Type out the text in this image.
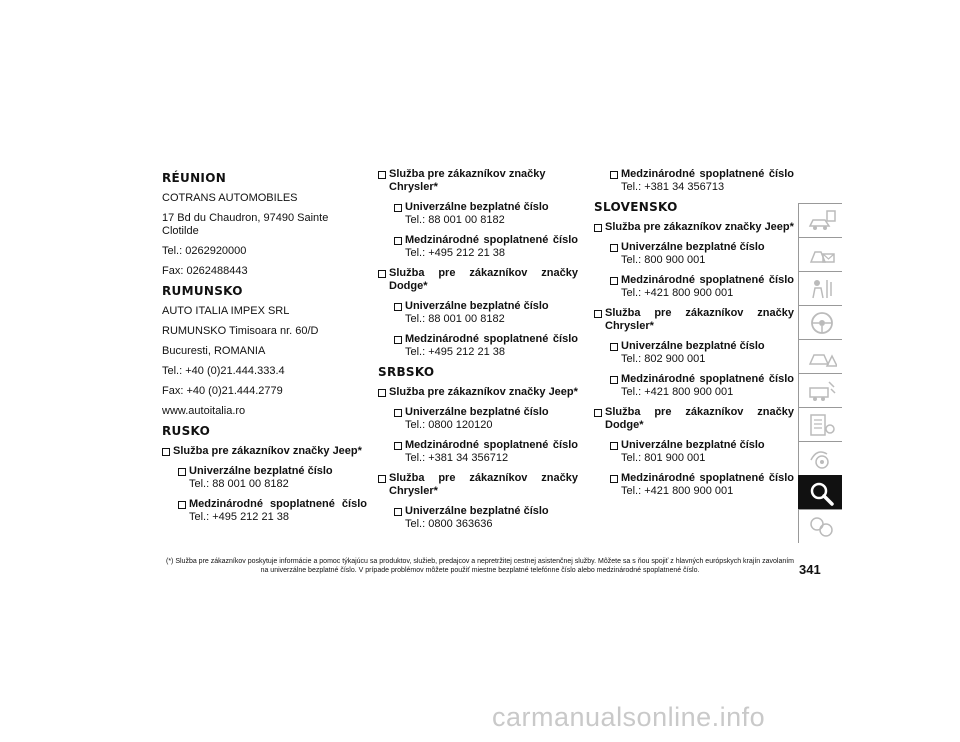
RÉUNION
COTRANS AUTOMOBILES
17 Bd du Chaudron, 97490 Sainte Clotilde
Tel.: 0262920000
Fax: 0262488443
RUMUNSKO
AUTO ITALIA IMPEX SRL
RUMUNSKO Timisoara nr. 60/D
Bucuresti, ROMANIA
Tel.: +40 (0)21.444.333.4
Fax: +40 (0)21.444.2779
www.autoitalia.ro
RUSKO
Služba pre zákazníkov značky Jeep*
Univerzálne bezplatné číslo
Tel.: 88 001 00 8182
Medzinárodné spoplatnené číslo
Tel.: +495 212 21 38
Služba pre zákazníkov značky Chrysler*
Univerzálne bezplatné číslo
Tel.: 88 001 00 8182
Medzinárodné spoplatnené číslo
Tel.: +495 212 21 38
Služba pre zákazníkov značky Dodge*
Univerzálne bezplatné číslo
Tel.: 88 001 00 8182
Medzinárodné spoplatnené číslo
Tel.: +495 212 21 38
SRBSKO
Služba pre zákazníkov značky Jeep*
Univerzálne bezplatné číslo
Tel.: 0800 120120
Medzinárodné spoplatnené číslo
Tel.: +381 34 356712
Služba pre zákazníkov značky Chrysler*
Univerzálne bezplatné číslo
Tel.: 0800 363636
Medzinárodné spoplatnené číslo
Tel.: +381 34 356713
SLOVENSKO
Služba pre zákazníkov značky Jeep*
Univerzálne bezplatné číslo
Tel.: 800 900 001
Medzinárodné spoplatnené číslo
Tel.: +421 800 900 001
Služba pre zákazníkov značky Chrysler*
Univerzálne bezplatné číslo
Tel.: 802 900 001
Medzinárodné spoplatnené číslo
Tel.: +421 800 900 001
Služba pre zákazníkov značky Dodge*
Univerzálne bezplatné číslo
Tel.: 801 900 001
Medzinárodné spoplatnené číslo
Tel.: +421 800 900 001
(*) Služba pre zákazníkov poskytuje informácie a pomoc týkajúcu sa produktov, služieb, predajcov a nepretržitej cestnej asistenčnej služby. Môžete sa s ňou spojiť z hlavných európskych krajín zavolaním na univerzálne bezplatné číslo. V prípade problémov môžete použiť miestne bezplatné telefónne číslo alebo medzinárodné spoplatnené číslo.	341
carmanualsonline.info
